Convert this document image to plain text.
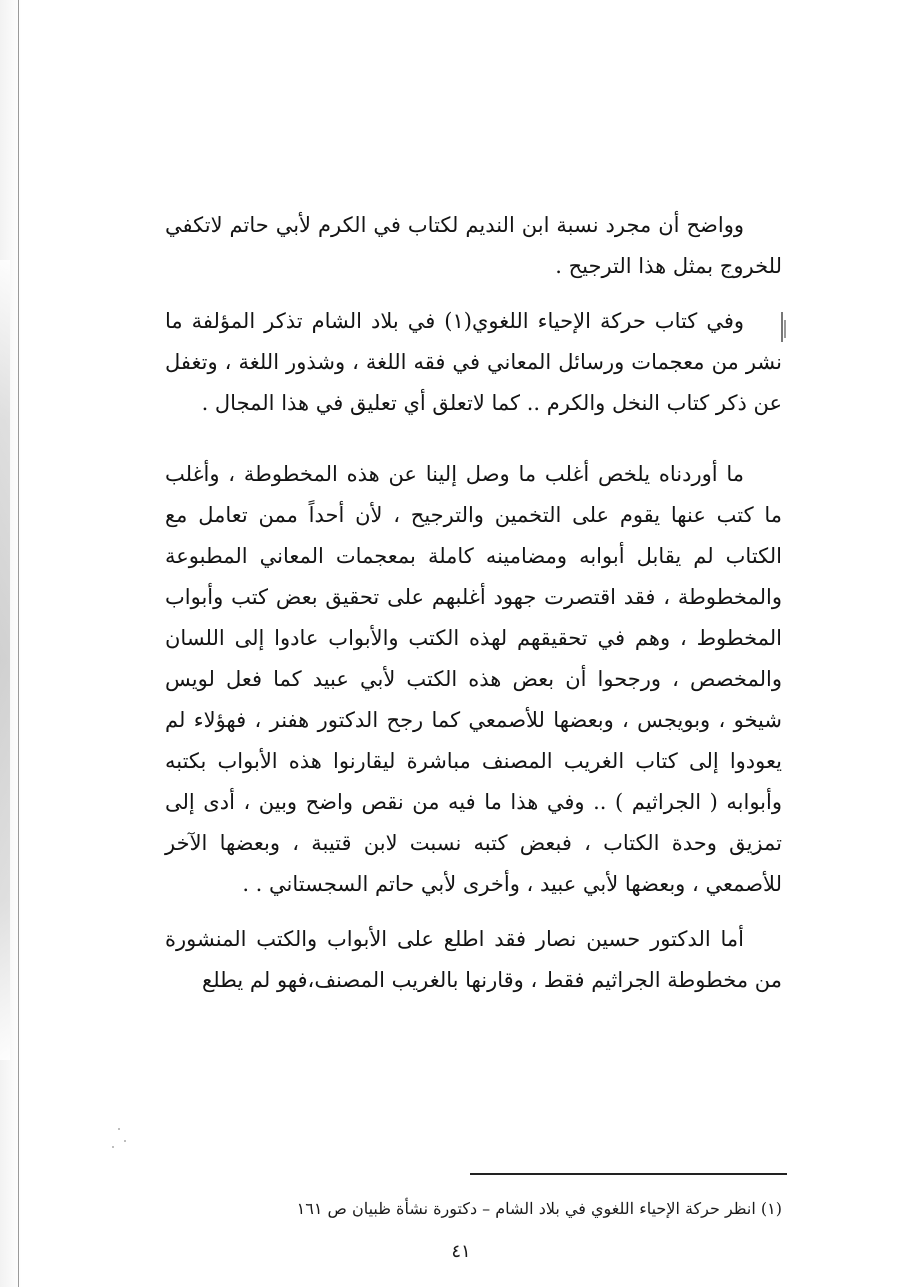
وواضح أن مجرد نسبة ابن النديم لكتاب في الكرم لأبي حاتم لاتكفي للخروج بمثل هذا الترجيح .

وفي كتاب حركة الإحياء اللغوي(١) في بلاد الشام تذكر المؤلفة ما نشر من معجمات ورسائل المعاني في فقه اللغة ، وشذور اللغة ، وتغفل عن ذكر كتاب النخل والكرم .. كما لاتعلق أي تعليق في هذا المجال .

ما أوردناه يلخص أغلب ما وصل إلينا عن هذه المخطوطة ، وأغلب ما كتب عنها يقوم على التخمين والترجيح ، لأن أحداً ممن تعامل مع الكتاب لم يقابل أبوابه ومضامينه كاملة بمعجمات المعاني المطبوعة والمخطوطة ، فقد اقتصرت جهود أغلبهم على تحقيق بعض كتب وأبواب المخطوط ، وهم في تحقيقهم لهذه الكتب والأبواب عادوا إلى اللسان والمخصص ، ورجحوا أن بعض هذه الكتب لأبي عبيد كما فعل لويس شيخو ، وبويجس ، وبعضها للأصمعي كما رجح الدكتور هفنر ، فهؤلاء لم يعودوا إلى كتاب الغريب المصنف مباشرة ليقارنوا هذه الأبواب بكتبه وأبوابه ( الجراثيم ) .. وفي هذا ما فيه من نقص واضح وبين ، أدى إلى تمزيق وحدة الكتاب ، فبعض كتبه نسبت لابن قتيبة ، وبعضها الآخر للأصمعي ، وبعضها لأبي عبيد ، وأخرى لأبي حاتم السجستاني . .

أما الدكتور حسين نصار فقد اطلع على الأبواب والكتب المنشورة من مخطوطة الجراثيم فقط ، وقارنها بالغريب المصنف،فهو لم يطلع

(١) انظر حركة الإحياء اللغوي في بلاد الشام – دكتورة نشأة ظبيان ص ١٦١
٤١
